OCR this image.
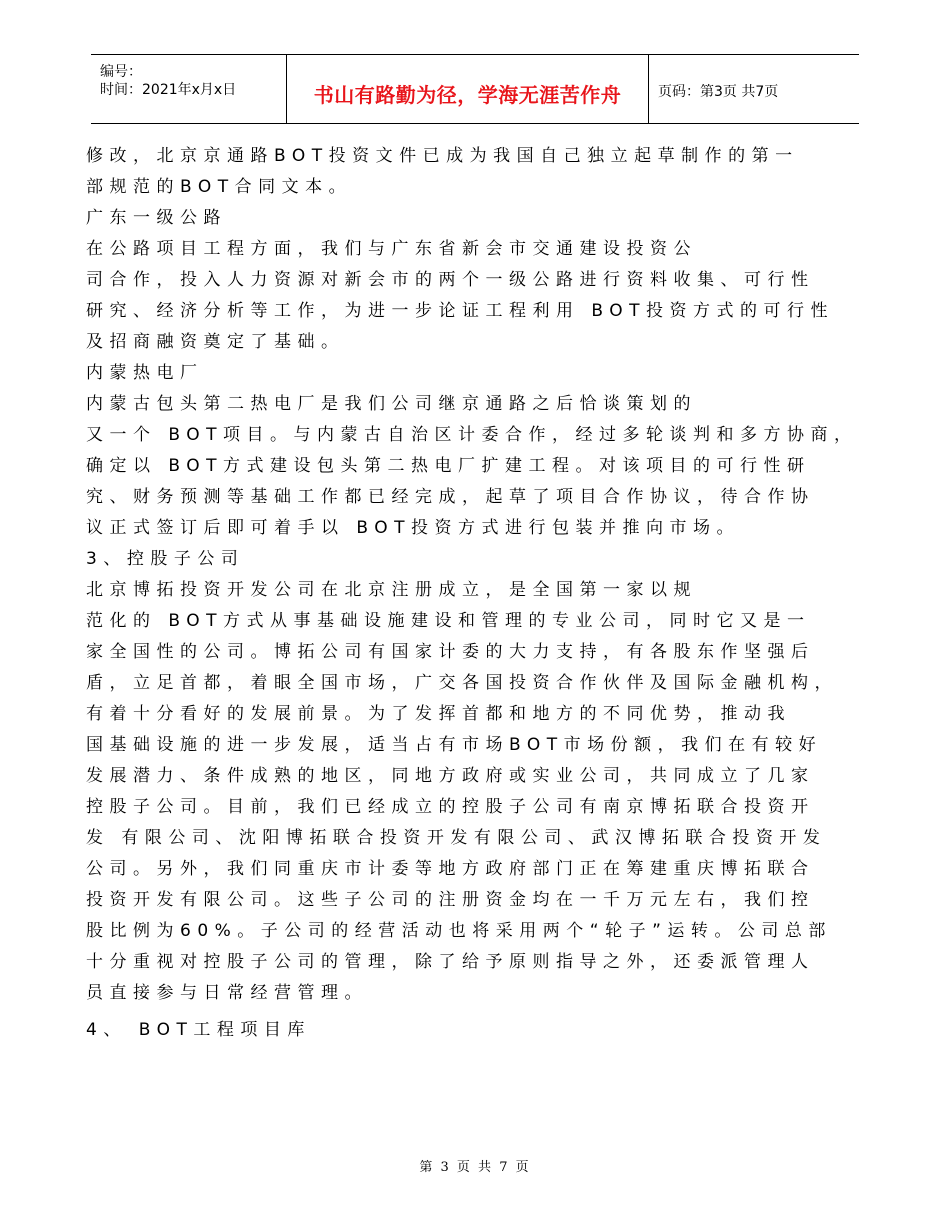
编号：
时间：2021年x月x日	书山有路勤为径，学海无涯苦作舟	页码：第3页 共7页
修改，北京京通路BOT投资文件已成为我国自己独立起草制作的第一
部规范的BOT合同文本。
广东一级公路
在公路项目工程方面，我们与广东省新会市交通建设投资公
司合作，投入人力资源对新会市的两个一级公路进行资料收集、可行性
研究、经济分析等工作，为进一步论证工程利用 BOT投资方式的可行性
及招商融资奠定了基础。
内蒙热电厂
内蒙古包头第二热电厂是我们公司继京通路之后恰谈策划的
又一个 BOT项目。与内蒙古自治区计委合作，经过多轮谈判和多方协商，
确定以 BOT方式建设包头第二热电厂扩建工程。对该项目的可行性研
究、财务预测等基础工作都已经完成，起草了项目合作协议，待合作协
议正式签订后即可着手以 BOT投资方式进行包装并推向市场。
3、控股子公司
北京博拓投资开发公司在北京注册成立，是全国第一家以规
范化的 BOT方式从事基础设施建设和管理的专业公司，同时它又是一
家全国性的公司。博拓公司有国家计委的大力支持，有各股东作坚强后
盾，立足首都，着眼全国市场，广交各国投资合作伙伴及国际金融机构，
有着十分看好的发展前景。为了发挥首都和地方的不同优势，推动我
国基础设施的进一步发展，适当占有市场BOT市场份额，我们在有较好
发展潜力、条件成熟的地区，同地方政府或实业公司，共同成立了几家
控股子公司。目前，我们已经成立的控股子公司有南京博拓联合投资开
发 有限公司、沈阳博拓联合投资开发有限公司、武汉博拓联合投资开发
公司。另外，我们同重庆市计委等地方政府部门正在筹建重庆博拓联合
投资开发有限公司。这些子公司的注册资金均在一千万元左右，我们控
股比例为60%。子公司的经营活动也将采用两个“轮子”运转。公司总部
十分重视对控股子公司的管理，除了给予原则指导之外，还委派管理人
员直接参与日常经营管理。
4、 BOT工程项目库
第 3 页 共 7 页
